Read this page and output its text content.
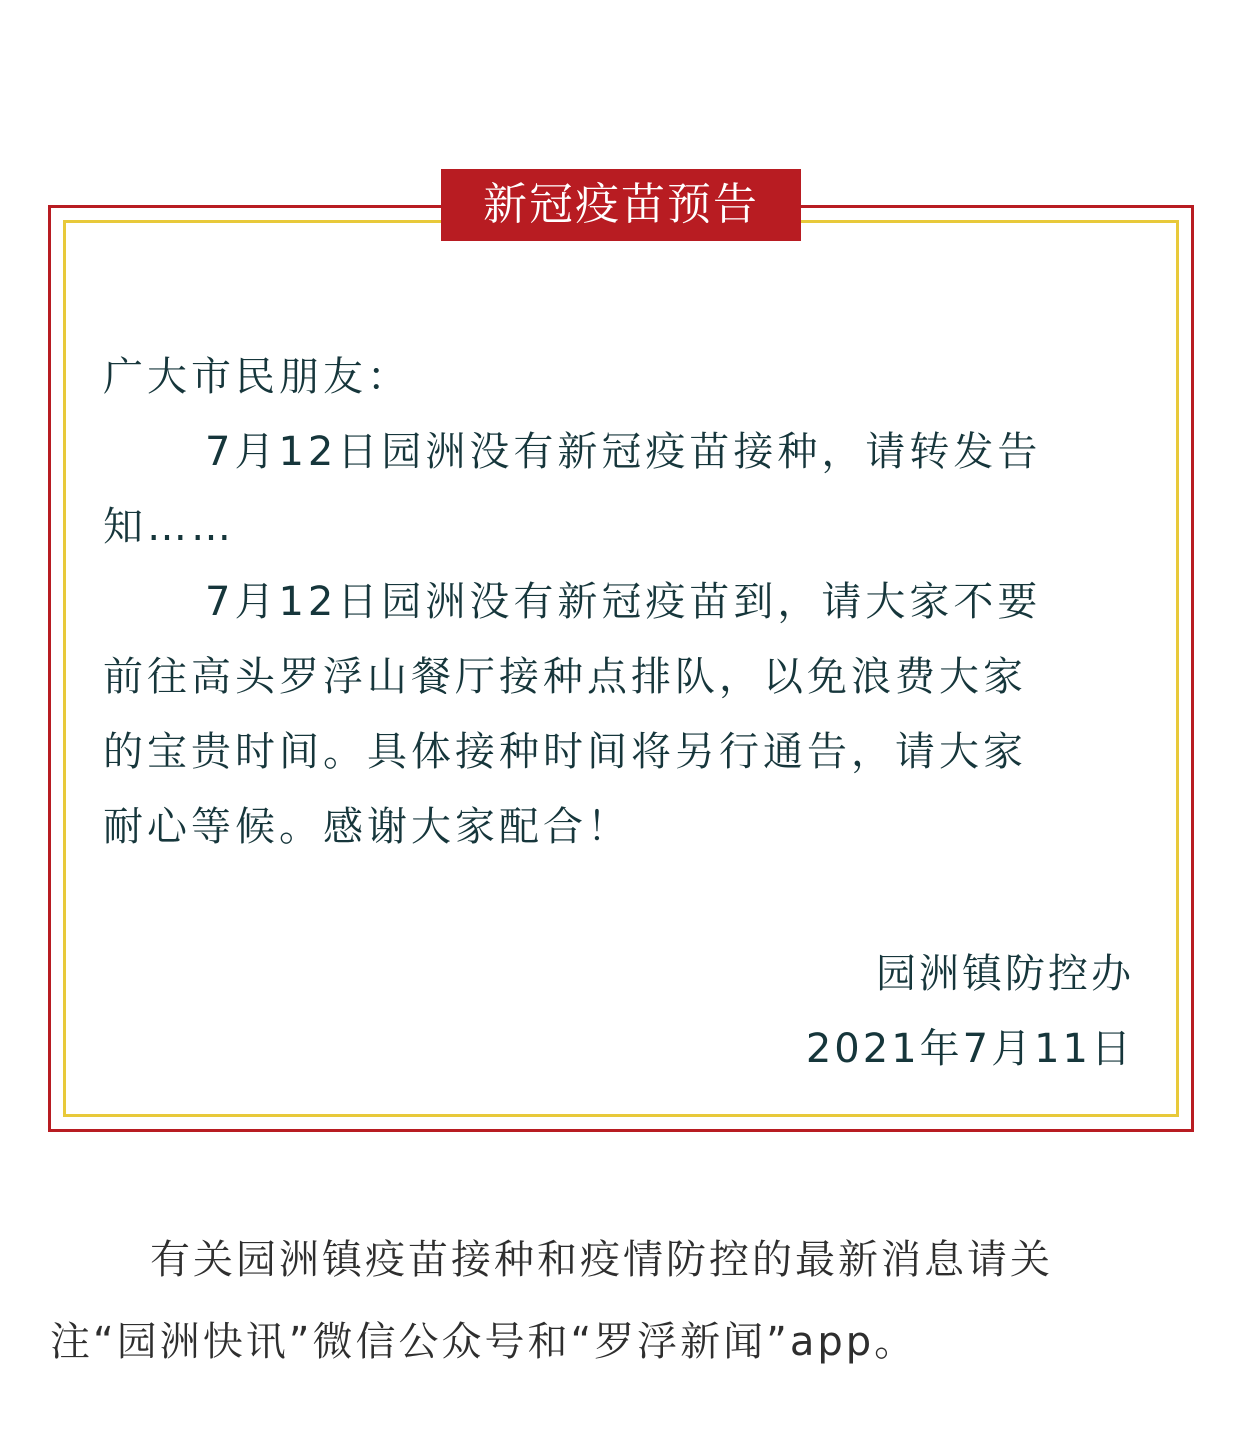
新冠疫苗预告
广大市民朋友：
7月12日园洲没有新冠疫苗接种，请转发告
知……
7月12日园洲没有新冠疫苗到，请大家不要
前往高头罗浮山餐厅接种点排队，以免浪费大家
的宝贵时间。具体接种时间将另行通告，请大家
耐心等候。感谢大家配合！
园洲镇防控办
2021年7月11日
有关园洲镇疫苗接种和疫情防控的最新消息请关
注“园洲快讯”微信公众号和“罗浮新闻”app。
